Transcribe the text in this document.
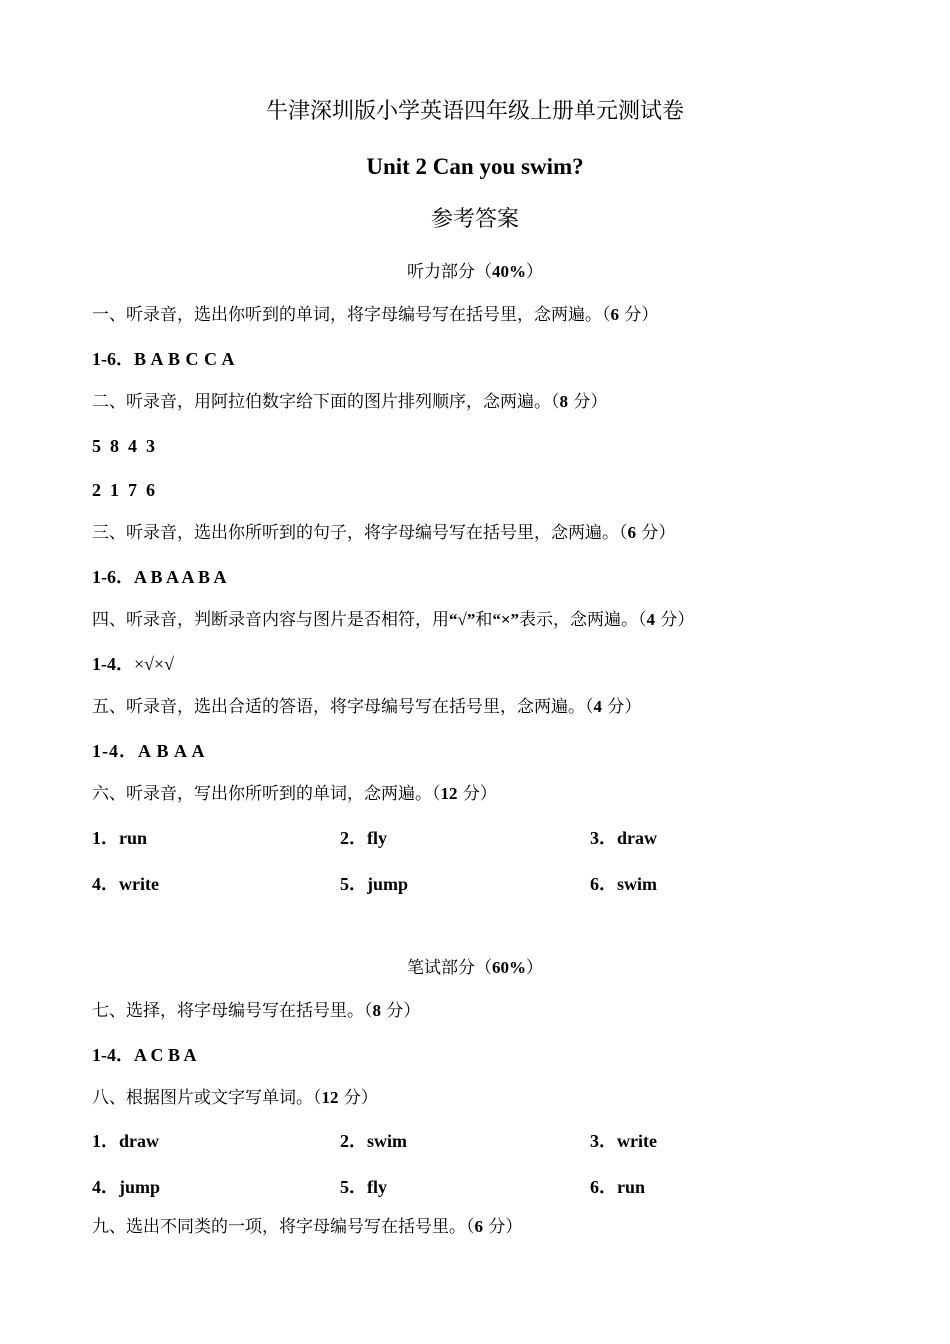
牛津深圳版小学英语四年级上册单元测试卷
Unit 2 Can you swim?
参考答案
听力部分（40%）
一、听录音，选出你听到的单词，将字母编号写在括号里，念两遍。（6 分）
1-6．B A B C C A
二、听录音，用阿拉伯数字给下面的图片排列顺序，念两遍。（8 分）
5  8  4  3
2  1  7  6
三、听录音，选出你所听到的句子，将字母编号写在括号里，念两遍。（6 分）
1-6．A B A A B A
四、听录音，判断录音内容与图片是否相符，用“√”和“×”表示，念两遍。（4 分）
1-4．×√×√
五、听录音，选出合适的答语，将字母编号写在括号里，念两遍。（4 分）
1-4．A B A A
六、听录音，写出你所听到的单词，念两遍。（12 分）
1．run	2．fly	3．draw
4．write	5．jump	6．swim
笔试部分（60%）
七、选择，将字母编号写在括号里。（8 分）
1-4．A C B A
八、根据图片或文字写单词。（12 分）
1．draw	2．swim	3．write
4．jump	5．fly	6．run
九、选出不同类的一项，将字母编号写在括号里。（6 分）
